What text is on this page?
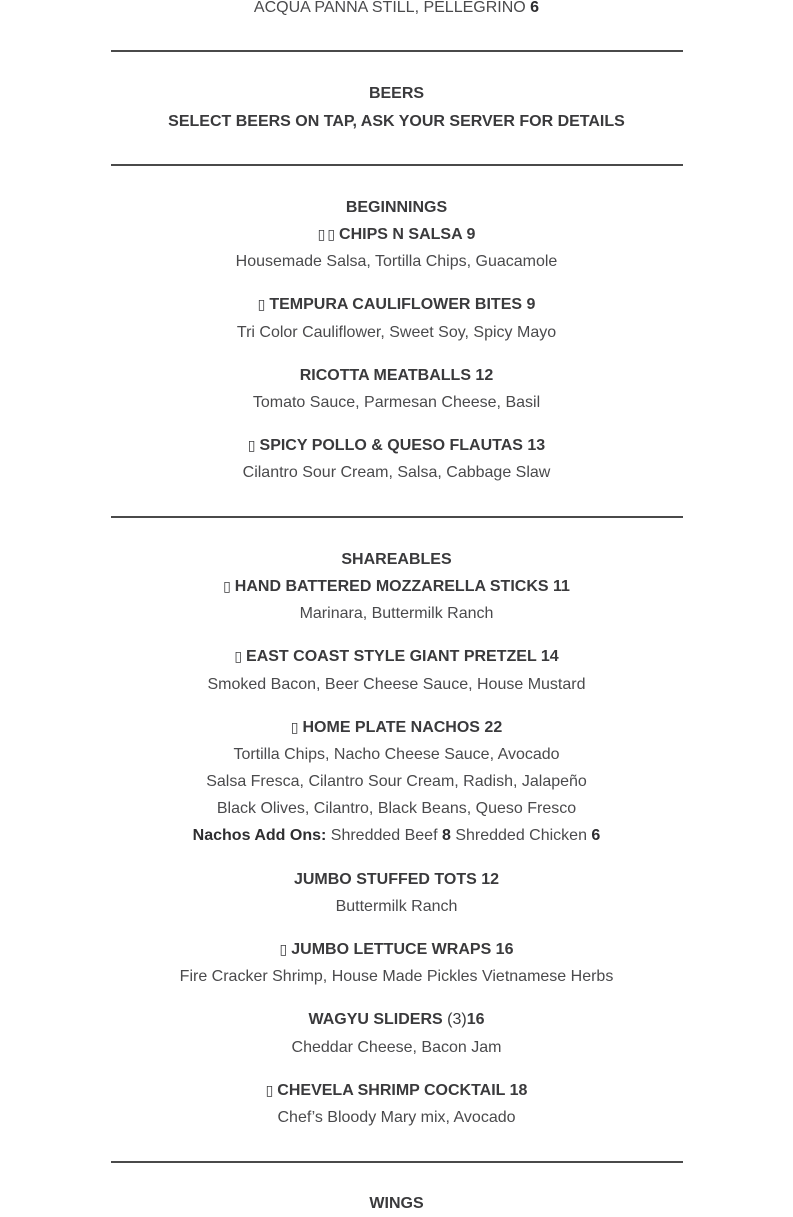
ACQUA PANNA STILL, PELLEGRINO 6
BEERS
SELECT BEERS ON TAP, ASK YOUR SERVER FOR DETAILS
BEGINNINGS
▯ ▯ CHIPS N SALSA 9
Housemade Salsa, Tortilla Chips, Guacamole
▯ TEMPURA CAULIFLOWER BITES 9
Tri Color Cauliflower, Sweet Soy, Spicy Mayo
RICOTTA MEATBALLS 12
Tomato Sauce, Parmesan Cheese, Basil
▯ SPICY POLLO & QUESO FLAUTAS 13
Cilantro Sour Cream, Salsa, Cabbage Slaw
SHAREABLES
▯ HAND BATTERED MOZZARELLA STICKS 11
Marinara, Buttermilk Ranch
▯ EAST COAST STYLE GIANT PRETZEL 14
Smoked Bacon, Beer Cheese Sauce, House Mustard
▯ HOME PLATE NACHOS 22
Tortilla Chips, Nacho Cheese Sauce, Avocado
Salsa Fresca, Cilantro Sour Cream, Radish, Jalapeño
Black Olives, Cilantro, Black Beans, Queso Fresco
Nachos Add Ons: Shredded Beef 8 Shredded Chicken 6
JUMBO STUFFED TOTS 12
Buttermilk Ranch
▯ JUMBO LETTUCE WRAPS 16
Fire Cracker Shrimp, House Made Pickles Vietnamese Herbs
WAGYU SLIDERS (3)16
Cheddar Cheese, Bacon Jam
▯ CHEVELA SHRIMP COCKTAIL 18
Chef’s Bloody Mary mix, Avocado
WINGS
